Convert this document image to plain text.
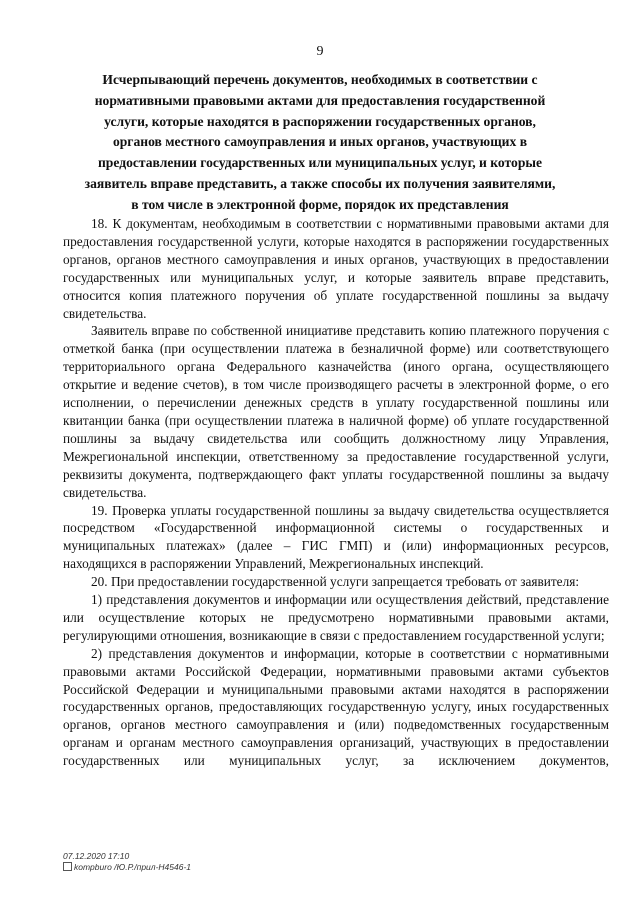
9
Исчерпывающий перечень документов, необходимых в соответствии с нормативными правовыми актами для предоставления государственной услуги, которые находятся в распоряжении государственных органов, органов местного самоуправления и иных органов, участвующих в предоставлении государственных или муниципальных услуг, и которые заявитель вправе представить, а также способы их получения заявителями, в том числе в электронной форме, порядок их представления

18. К документам, необходимым в соответствии с нормативными правовыми актами для предоставления государственной услуги, которые находятся в распоряжении государственных органов, органов местного самоуправления и иных органов, участвующих в предоставлении государственных или муниципальных услуг, и которые заявитель вправе представить, относится копия платежного поручения об уплате государственной пошлины за выдачу свидетельства.

Заявитель вправе по собственной инициативе представить копию платежного поручения с отметкой банка (при осуществлении платежа в безналичной форме) или соответствующего территориального органа Федерального казначейства (иного органа, осуществляющего открытие и ведение счетов), в том числе производящего расчеты в электронной форме, о его исполнении, о перечислении денежных средств в уплату государственной пошлины или квитанции банка (при осуществлении платежа в наличной форме) об уплате государственной пошлины за выдачу свидетельства или сообщить должностному лицу Управления, Межрегиональной инспекции, ответственному за предоставление государственной услуги, реквизиты документа, подтверждающего факт уплаты государственной пошлины за выдачу свидетельства.

19. Проверка уплаты государственной пошлины за выдачу свидетельства осуществляется посредством «Государственной информационной системы о государственных и муниципальных платежах» (далее – ГИС ГМП) и (или) информационных ресурсов, находящихся в распоряжении Управлений, Межрегиональных инспекций.

20. При предоставлении государственной услуги запрещается требовать от заявителя:

1) представления документов и информации или осуществления действий, представление или осуществление которых не предусмотрено нормативными правовыми актами, регулирующими отношения, возникающие в связи с предоставлением государственной услуги;

2) представления документов и информации, которые в соответствии с нормативными правовыми актами Российской Федерации, нормативными правовыми актами субъектов Российской Федерации и муниципальными правовыми актами находятся в распоряжении государственных органов, предоставляющих государственную услугу, иных государственных органов, органов местного самоуправления и (или) подведомственных государственным органам и органам местного самоуправления организаций, участвующих в предоставлении государственных или муниципальных услуг, за исключением документов,

07.12.2020 17:10
kompburo /Ю.Р./прил-Н4546-1
